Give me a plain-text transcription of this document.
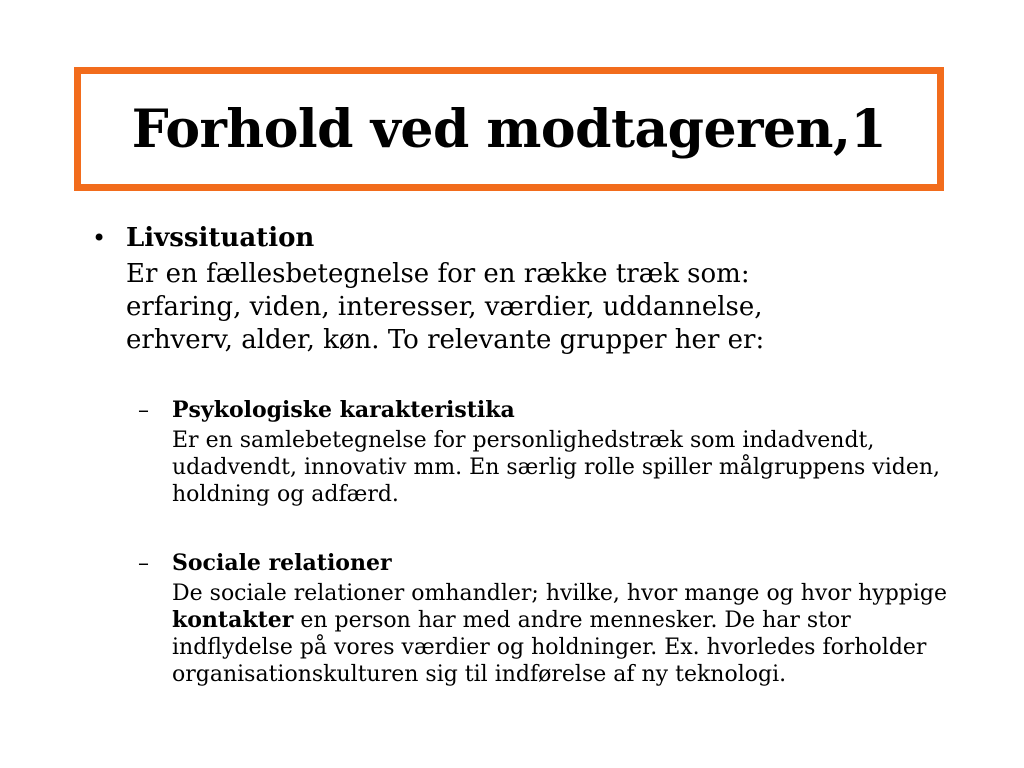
Forhold ved modtageren,1
• Livssituation
Er en fællesbetegnelse for en række træk som: erfaring, viden, interesser, værdier, uddannelse, erhverv, alder, køn. To relevante grupper her er:
– Psykologiske karakteristika
Er en samlebetegnelse for personlighedstræk som indadvendt, udadvendt, innovativ mm. En særlig rolle spiller målgruppens viden, holdning og adfærd.
– Sociale relationer
De sociale relationer omhandler; hvilke, hvor mange og hvor hyppige kontakter en person har med andre mennesker. De har stor indflydelse på vores værdier og holdninger. Ex. hvorledes forholder organisationskulturen sig til indførelse af ny teknologi.
